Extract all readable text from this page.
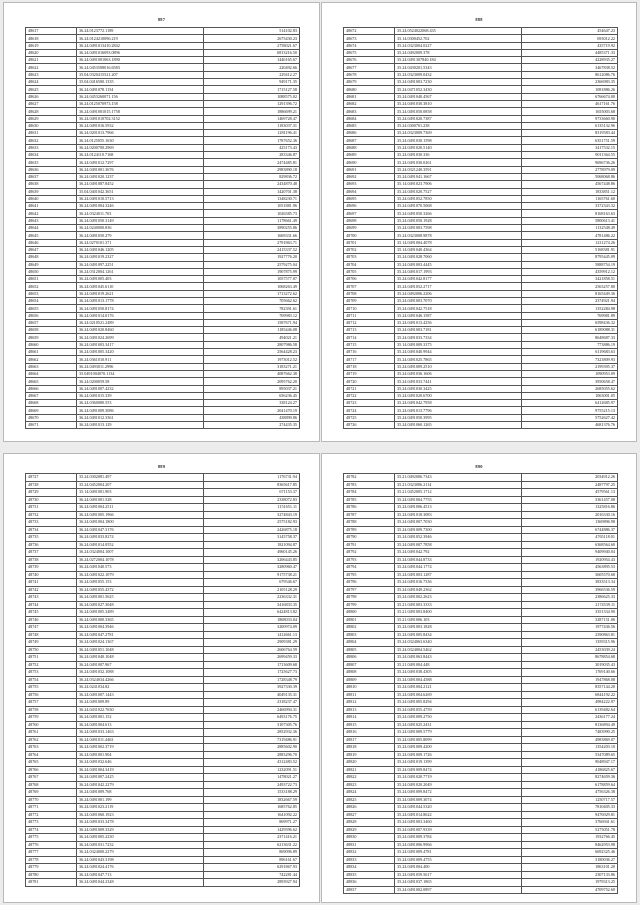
887
48617	36.24.0123772.1189	514102.83
48618	36.24.0124210096.219	2675430.23
48619	36.24.0491013410.2842	2758021.67
48620	36.24.0491016093.0896	6813216.50
48621	36.24.0491001063.1890	1446165.67
48622	36.24.0453508016.6583	220492.66
48623	35.04.0320415521.207	229412.27
48624	35.04.0416500.1335	949171.35
48625	36.24.0491078.1154	1715127.58
48626	36.24.0453260071.156	1088575.02
48627	36.24.0125070973.158	1291396.72
48628	36.24.0491001015.1758	1886699.21
48629	36.24.0491010702.3152	1469728.47
48630	36.24.0491016.5932	1183037.31
48631	36.24.0201013.7966	1281196.41
48632	36.24.0125055.1630	1787652.36
48633	36.24.0200700.2969	425173.43
48634	36.24.0124110.7168	283346.87
48635	36.24.0491012.7297	2474485.81
48636	36.24.0491001.3676	2983890.18
48637	36.24.0491020.1237	829836.72
48638	36.24.0491087.8452	2434870.48
48639	35.04.0401042.3651	1420701.38
48640	36.24.0491010.5713	1348230.71
48641	36.24.0491004.3246	1051881.96
48642	36.24.0324011.703	1026585.73
48643	36.24.0491050.3149	1178661.49
48644	36.24.0240000.836	3890255.86
48645	36.24.0491050.279	1669331.66
48646	36.24.0270101.371	2791863.71
48647	36.24.0491046.1205	2415337.52
48648	36.24.0491019.2327	1927776.20
48649	36.24.0491097.2251	2579275.04
48650	36.24.0312004.1261	1907875.99
48651	36.24.0491005.403	1057577.07
48652	36.24.0491045.6110	1068263.49
48653	36.24.0491019.2621	1713272.62
48654	36.24.0491013.1778	705662.62
48655	36.24.0491050.8174	782391.61
48656	36.24.0491014.0176	769983.12
48657	36.24.0210521.2489	1587671.94
48658	36.24.0491020.8460	1185446.08
48659	36.24.0491024.2699	494021.21
48660	36.24.0491003.3417	2807986.58
48661	36.24.0491005.3420	2564428.23
48662	36.24.0361010.911	1973012.52
48663	36.24.0493011.2996	3183271.21
48664	35.0491004070.1134	4087662.38
48665	36.24.0200059.58	2095762.20
48666	36.24.0491007.4232	895037.21
48667	36.24.0491015.339	656236.45
48668	36.24.0360080.553	338124.27
48669	36.24.0491009.3086	2041470.19
48670	36.24.0491012.3361	438899.86
48671	36.24.0491013.129	274435.35
888
48672	35.24.0524022068.435	454647.23
48673	35.14.0300452.702	693012.22
48674	35.24.0323004.0227	435719.92
48675	35.24.0492009.378	4485371.33
48676	35.24.0491307840.184	4228935.27
48677	35.24.0430201.5343	3467838.52
48678	35.24.0323009.0432	8612086.76
48679	35.24.0491003.7230	2366983.35
48680	35.24.0471052.3430	1081886.26
48681	35.24.0491040.4567	6766674.00
48682	35.24.0491030.3810	4617161.76
48683	35.24.0491050.0858	1655003.68
48684	35.24.0491020.7387	9733660.90
48685	35.24.0300701.238	6135132.96
48686	35.24.0323009.7369	8319583.44
48687	35.24.0491030.1598	6351751.59
48688	35.24.0491020.5140	3417532.15
48689	35.24.0491030.336	9011364.55
48690	35.24.0491030.0261	9696736.26
48691	35.24.0321240.3591	2778979.09
48692	35.24.0491041.1667	5068068.86
48693	35.14.0491023.7906	4567448.86
48694	35.24.0491020.7527	1833851.12
48695	35.24.0491052.7850	1165761.60
48696	35.24.0491070.5068	3372343.32
48697	35.24.0491050.3266	8168163.63
48698	35.24.0491050.1928	5800613.41
48699	35.24.0491003.7598	1132548.49
48700	35.24.0323008.9878	4781486.22
48701	35.14.0491004.4078	1231274.26
48702	35.14.0491040.4364	5168381.91
48703	35.24.0491028.7060	8795445.09
48704	35.24.0491003.4445	5888754.19
48705	35.24.0491017.1993	4359912.12
48706	35.24.0491042.8177	3421858.51
48707	35.24.0491052.2717	2563257.80
48708	35.24.0492006.2206	8165449.36
48709	35.24.0491003.7070	2374921.94
48710	35.24.0491042.7518	1352284.98
48711	35.24.0491046.1587	769981.89
48712	35.24.0491013.4256	6598436.32
48713	35.24.0491003.7181	6189088.31
48714	35.24.0491033.7334	8648687.33
48715	35.14.0491009.3375	773886.19
48716	35.24.0491040.9944	6119683.63
48717	35.24.0491025.7865	7323809.93
48718	35.24.0491009.2510	2199395.37
48719	35.24.0491036.1606	1090953.09
48720	35.24.0491033.7441	3950658.47
48721	35.24.0491030.3425	2685055.62
48722	35.24.0491020.6700	1063001.05
48723	35.24.0491042.7958	6412685.97
48724	35.24.0491013.7796	9755215.13
48725	35.24.0491050.3995	5752627.42
48726	35.24.0491060.1265	4681376.76
889
48727	35.24.0302081.497	1176731.94
48728	35.24.0452004.207	8365617.85
48729	35.14.0491001.903	671153.37
48730	36.24.0491001.528	2338072.83
48731	36.24.0491004.2511	1151651.11
48732	36.24.0491005.1966	3274843.19
48733	36.24.0491004.1800	2575182.93
48734	36.24.0491047.3176	2426875.18
48735	36.24.0491033.8274	3145758.37
48736	36.24.0491014.0552	1821094.87
48737	36.24.0324004.1007	4960145.26
48738	36.24.0272004.1078	3206443.85
48739	36.24.0491040.573	3280960.47
48740	36.24.0491022.1079	9175738.21
48741	36.24.0491055.153	679546.67
48742	36.24.0491055.4372	2105128.29
48743	36.24.0491001.5625	2236332.31
48744	36.24.0491027.3048	3416833.35
48745	36.24.0491005.3489	6424813.82
48746	36.24.0491000.3365	1868033.04
48747	36.24.0491004.3946	3200974.09
48748	36.24.0491047.2781	1412661.13
48749	36.24.0491024.1367	2909381.29
48750	36.24.0491051.1048	2606764.59
48751	36.24.0491040.1048	2699459.33
48752	36.24.0491007.967	1713609.68
48753	36.24.0491032.1088	1725627.73
48754	36.24.0324034.4266	1728348.79
48755	36.24.0241034.82	3927330.39
48756	36.24.0491007.1443	4049135.31
48757	36.24.0491009.89	2318237.47
48758	36.24.0431022.7630	2466994.31
48759	36.24.0491001.152	6493176.75
48760	36.24.0491004.613	3107305.76
48761	36.24.0491033.1463	2852932.36
48762	36.24.0491011.4463	7319486.91
48763	36.24.0491002.3719	2885602.90
48764	36.24.0491001.904	2883296.70
48765	36.24.0491032.646	4312483.52
48766	36.24.0491004.3419	1232091.51
48767	36.24.0491007.2425	1478021.27
48768	36.24.0491042.2279	2493722.73
48769	36.24.0491009.768	1533188.29
48770	36.24.0491001.199	1832667.59
48771	36.24.0491023.2119	1685762.85
48772	36.24.0491060.1923	1641092.22
48773	36.24.0491033.3478	869971.27
48774	36.24.0491009.3329	1429596.62
48775	36.24.0491005.2230	2371416.21
48776	36.24.0491031.7232	6213631.22
48777	36.24.0324000.2279	869096.89
48778	36.24.0491043.3198	896161.67
48779	36.24.0491024.4176	6291867.93
48780	36.24.0491047.713	742281.44
48781	36.24.0491044.2348	2893927.94
890
48782	35.21.0492006.7343	2034912.26
48783	35.21.0323006.2114	2487797.25
48784	35.21.0452005.1712	4579561.13
48785	35.24.0491004.7755	3361457.08
48786	35.24.0491006.4513	1325816.86
48787	35.24.0491018.3083	2016330.16
48788	35.24.0491007.7030	1369896.98
48789	35.24.0491009.7300	6744886.37
48790	35.24.0491052.3946	4765118.01
48791	35.24.0491007.7858	6368564.60
48792	35.24.0491042.792	9409940.04
48793	35.24.0491044.8733	1920954.43
48794	35.24.0491044.1774	4563895.53
48795	35.24.0491003.1287	3605570.68
48796	35.24.0491016.7336	3833513.34
48797	35.24.0491049.2362	3966536.59
48798	35.24.0491002.2623	2386625.33
48799	35.21.0491003.3333	2174539.11
48800	35.21.0491003.8400	3351334.90
48801	35.21.0491006.103	3287151.06
48802	35.24.0491003.1828	1977436.56
48803	35.24.0491005.8434	2390863.81
48804	35.24.0324063.6340	1359315.96
48805	35.24.0324004.5462	2453039.24
48806	35.24.0491063.8443	8678854.68
48807	35.21.0491004.448	3019035.43
48808	35.24.0491038.4305	1769140.66
48809	35.24.0491004.4588	1947868.08
48810	35.24.0491004.2121	8357144.20
48811	35.24.0491004.6269	6844192.22
48812	35.24.0491005.8294	4984222.97
48813	35.24.0491055.4759	6139482.64
48814	35.24.0491009.2750	2436177.24
48815	35.24.0491025.2431	8136894.49
48816	35.24.0491009.5779	7483990.25
48817	35.24.0491005.8099	4983869.07
48818	35.24.0491009.4200	1354203.10
48819	35.24.0491009.1726	5347089.65
48820	35.24.0491019.1399	9048947.17
48821	35.24.0491009.8474	4186825.67
48822	35.24.0491020.7719	8274659.36
48823	35.24.0491020.2049	6178859.64
48824	35.24.0491009.8472	4756326.38
48825	35.24.0491009.3074	1250717.57
48826	35.24.0491044.5320	7810405.33
48827	35.24.0491014.8622	9476929.81
48828	35.24.0491003.3460	3766941.61
48829	35.24.0491007.9339	5275051.78
48830	35.24.0491009.3784	1932766.45
48831	35.24.0491006.9966	8462953.98
48832	35.24.0491009.4781	6692325.46
48833	35.24.0491009.4755	3180036.27
48834	35.24.0491004.400	1863101.20
48835	35.24.0491059.5617	2307133.86
48836	35.24.0491037.1865	1979313.25
48837	35.24.0491002.0897	4709752.60
